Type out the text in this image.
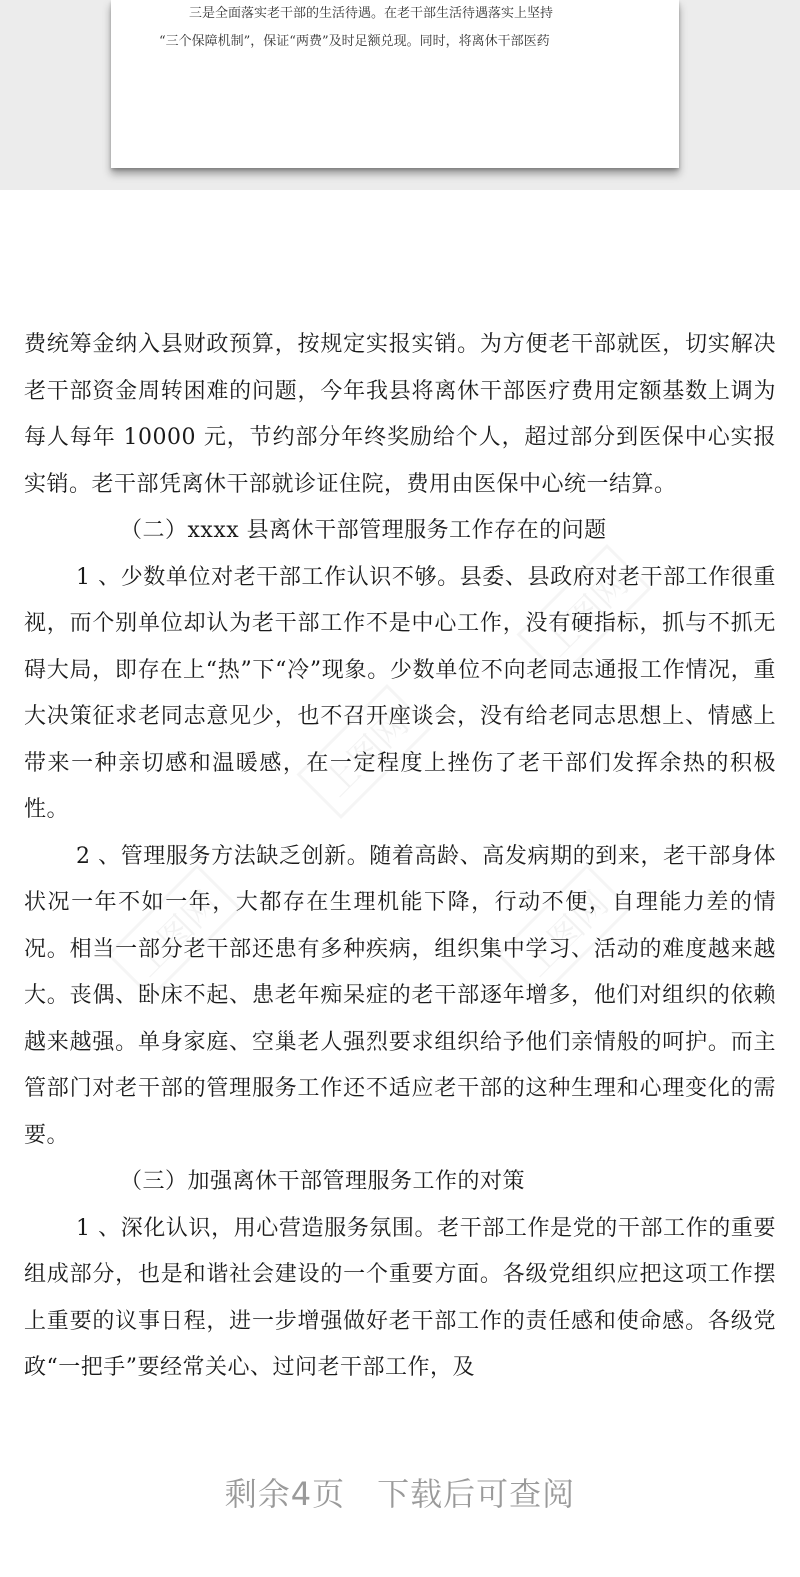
三是全面落实老干部的生活待遇。在老干部生活待遇落实上坚持
“三个保障机制”，保证“两费”及时足额兑现。同时，将离休干部医药
上图网
上图网
上图网	上图网

费统筹金纳入县财政预算，按规定实报实销。为方便老干部就医，切实解决老干部资金周转困难的问题，今年我县将离休干部医疗费用定额基数上调为每人每年 10000 元，节约部分年终奖励给个人，超过部分到医保中心实报实销。老干部凭离休干部就诊证住院，费用由医保中心统一结算。

（二）xxxx 县离休干部管理服务工作存在的问题

1 、少数单位对老干部工作认识不够。县委、县政府对老干部工作很重视，而个别单位却认为老干部工作不是中心工作，没有硬指标，抓与不抓无碍大局，即存在上“热”下“冷”现象。少数单位不向老同志通报工作情况，重大决策征求老同志意见少，也不召开座谈会，没有给老同志思想上、情感上带来一种亲切感和温暖感，在一定程度上挫伤了老干部们发挥余热的积极性。

2 、管理服务方法缺乏创新。随着高龄、高发病期的到来，老干部身体状况一年不如一年，大都存在生理机能下降，行动不便，自理能力差的情况。相当一部分老干部还患有多种疾病，组织集中学习、活动的难度越来越大。丧偶、卧床不起、患老年痴呆症的老干部逐年增多，他们对组织的依赖越来越强。单身家庭、空巢老人强烈要求组织给予他们亲情般的呵护。而主管部门对老干部的管理服务工作还不适应老干部的这种生理和心理变化的需要。

（三）加强离休干部管理服务工作的对策

1 、深化认识，用心营造服务氛围。老干部工作是党的干部工作的重要组成部分，也是和谐社会建设的一个重要方面。各级党组织应把这项工作摆上重要的议事日程，进一步增强做好老干部工作的责任感和使命感。各级党政“一把手”要经常关心、过问老干部工作，及

剩余4页 下载后可查阅
